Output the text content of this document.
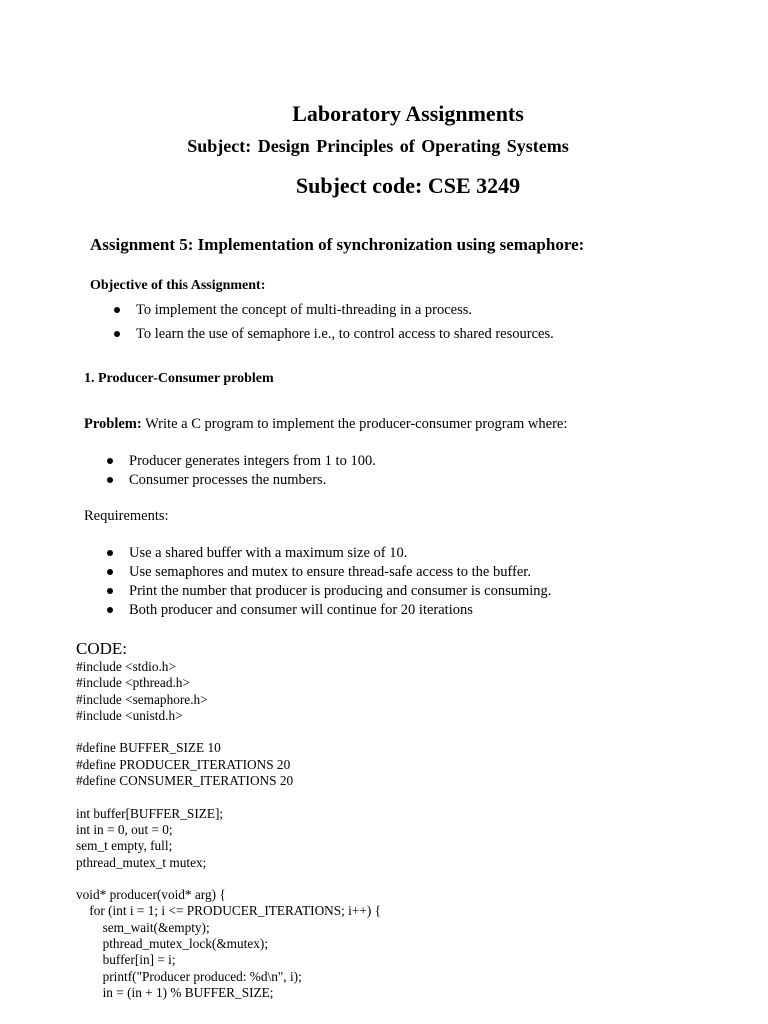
Laboratory Assignments
Subject: Design Principles of Operating Systems
Subject code: CSE 3249
Assignment 5: Implementation of synchronization using semaphore:
Objective of this Assignment:
To implement the concept of multi-threading in a process.
To learn the use of semaphore i.e., to control access to shared resources.
1. Producer-Consumer problem
Problem: Write a C program to implement the producer-consumer program where:
Producer generates integers from 1 to 100.
Consumer processes the numbers.
Requirements:
Use a shared buffer with a maximum size of 10.
Use semaphores and mutex to ensure thread-safe access to the buffer.
Print the number that producer is producing and consumer is consuming.
Both producer and consumer will continue for 20 iterations
CODE:
#include <stdio.h>
#include <pthread.h>
#include <semaphore.h>
#include <unistd.h>

#define BUFFER_SIZE 10
#define PRODUCER_ITERATIONS 20
#define CONSUMER_ITERATIONS 20

int buffer[BUFFER_SIZE];
int in = 0, out = 0;
sem_t empty, full;
pthread_mutex_t mutex;

void* producer(void* arg) {
for (int i = 1; i <= PRODUCER_ITERATIONS; i++) {
sem_wait(&empty);
pthread_mutex_lock(&mutex);
buffer[in] = i;
printf("Producer produced: %d\n", i);
in = (in + 1) % BUFFER_SIZE;
